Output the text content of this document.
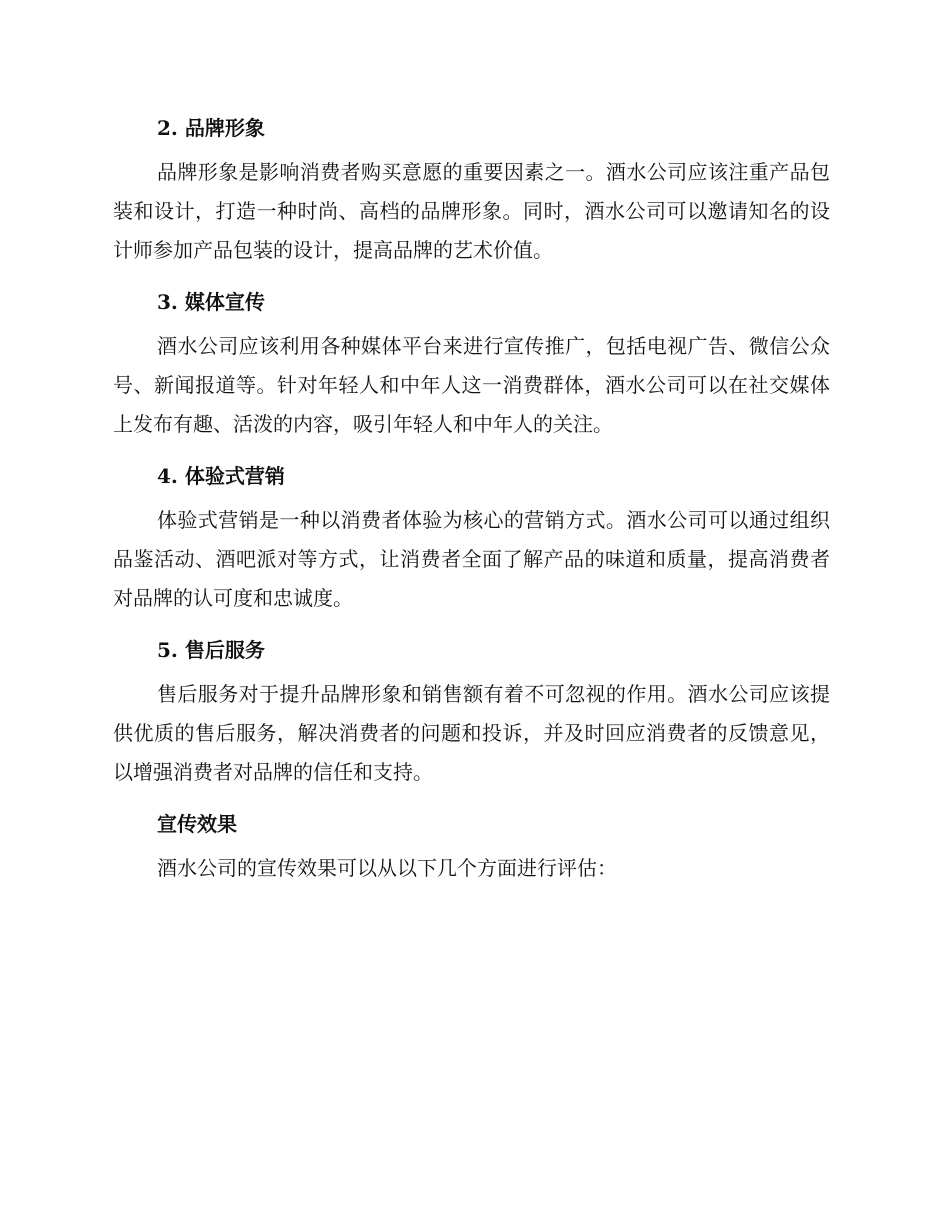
2. 品牌形象

品牌形象是影响消费者购买意愿的重要因素之一。酒水公司应该注重产品包装和设计，打造一种时尚、高档的品牌形象。同时，酒水公司可以邀请知名的设计师参加产品包装的设计，提高品牌的艺术价值。

3. 媒体宣传

酒水公司应该利用各种媒体平台来进行宣传推广，包括电视广告、微信公众号、新闻报道等。针对年轻人和中年人这一消费群体，酒水公司可以在社交媒体上发布有趣、活泼的内容，吸引年轻人和中年人的关注。

4. 体验式营销

体验式营销是一种以消费者体验为核心的营销方式。酒水公司可以通过组织品鉴活动、酒吧派对等方式，让消费者全面了解产品的味道和质量，提高消费者对品牌的认可度和忠诚度。

5. 售后服务

售后服务对于提升品牌形象和销售额有着不可忽视的作用。酒水公司应该提供优质的售后服务，解决消费者的问题和投诉，并及时回应消费者的反馈意见，以增强消费者对品牌的信任和支持。

宣传效果

酒水公司的宣传效果可以从以下几个方面进行评估：
